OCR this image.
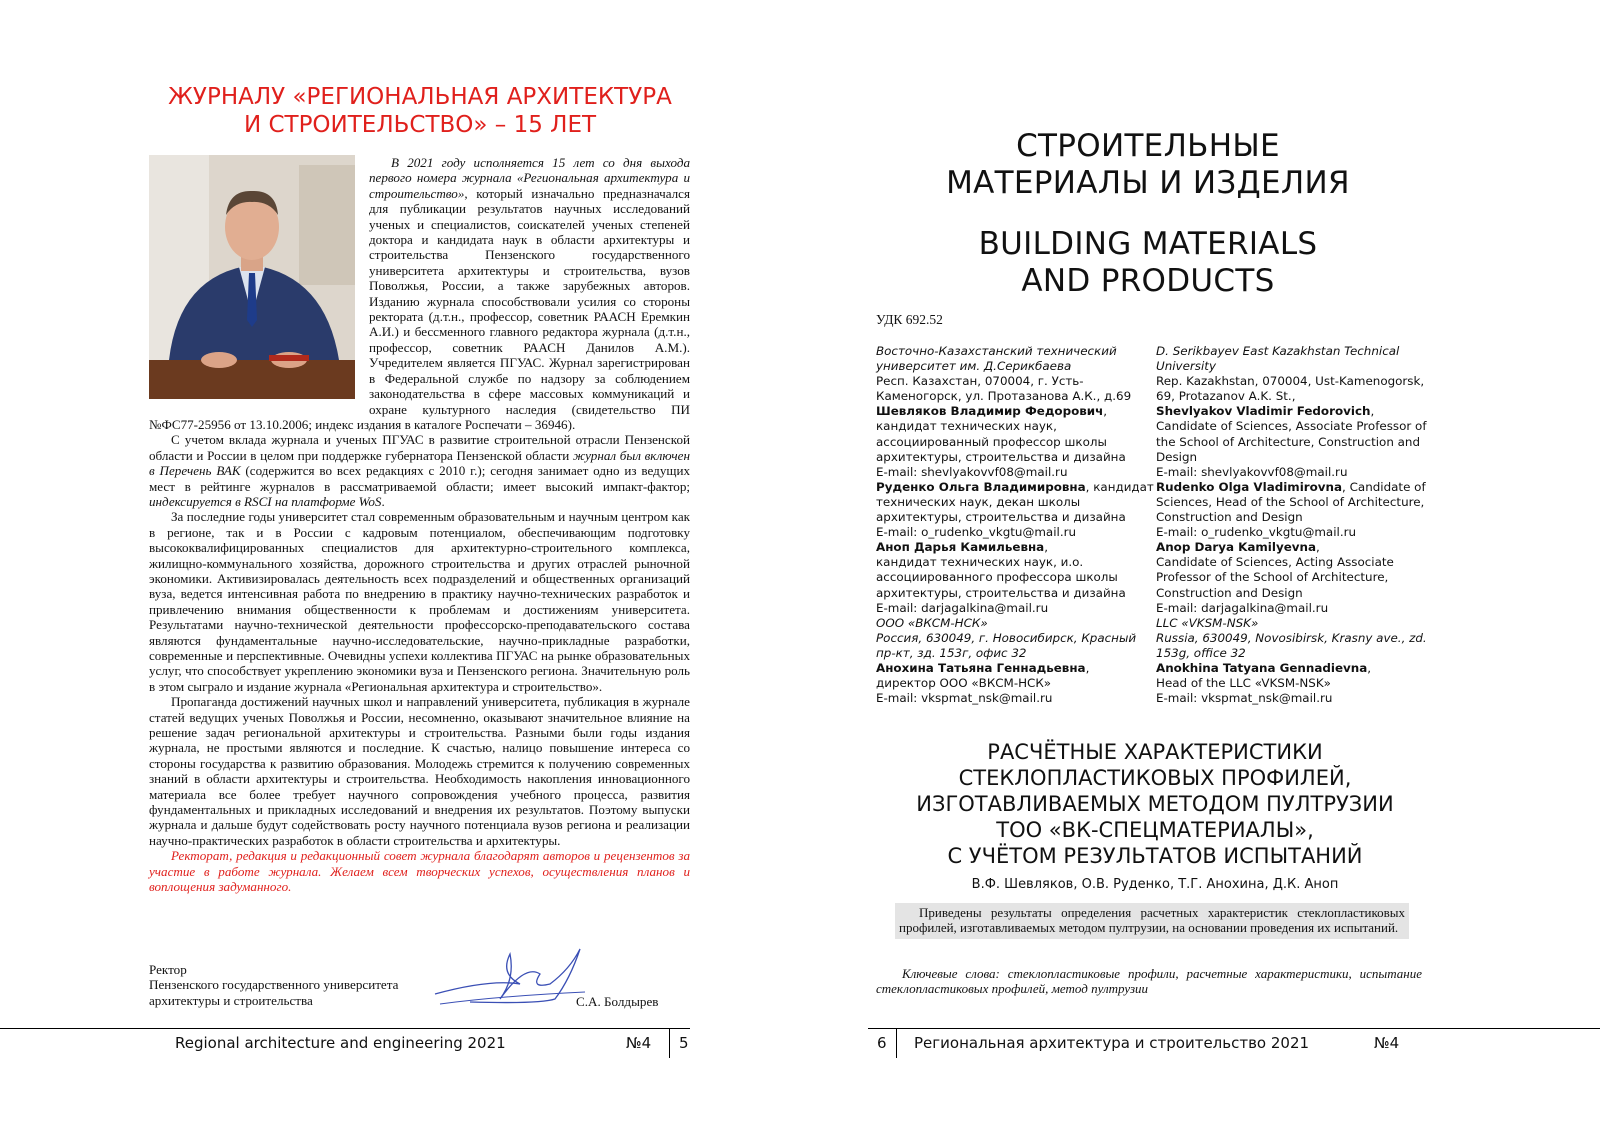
ЖУРНАЛУ «РЕГИОНАЛЬНАЯ АРХИТЕКТУРА
И СТРОИТЕЛЬСТВО» – 15 ЛЕТ

В 2021 году исполняется 15 лет со дня выхода первого номера журнала «Региональная архитектура и строительство», который изначально предназначался для публикации результатов научных исследований ученых и специалистов, соискателей ученых степеней доктора и кандидата наук в области архитектуры и строительства Пензенского государственного университета архитектуры и строительства, вузов Поволжья, России, а также зарубежных авторов. Изданию журнала способствовали усилия со стороны ректората (д.т.н., профессор, советник РААСН Еремкин А.И.) и бессменного главного редактора журнала (д.т.н., профессор, советник РААСН Данилов А.М.). Учредителем является ПГУАС. Журнал зарегистрирован в Федеральной службе по надзору за соблюдением законодательства в сфере массовых коммуникаций и охране культурного наследия (свидетельство ПИ №ФС77-25956 от 13.10.2006; индекс издания в каталоге Роспечати – 36946).

С учетом вклада журнала и ученых ПГУАС в развитие строительной отрасли Пензенской области и России в целом при поддержке губернатора Пензенской области журнал был включен в Перечень ВАК (содержится во всех редакциях с 2010 г.); сегодня занимает одно из ведущих мест в рейтинге журналов в рассматриваемой области; имеет высокий импакт-фактор; индексируется в RSCI на платформе WoS.

За последние годы университет стал современным образовательным и научным центром как в регионе, так и в России с кадровым потенциалом, обеспечивающим подготовку высококвалифицированных специалистов для архитектурно-строительного комплекса, жилищно-коммунального хозяйства, дорожного строительства и других отраслей рыночной экономики. Активизировалась деятельность всех подразделений и общественных организаций вуза, ведется интенсивная работа по внедрению в практику научно-технических разработок и привлечению внимания общественности к проблемам и достижениям университета. Результатами научно-технической деятельности профессорско-преподавательского состава являются фундаментальные научно-исследовательские, научно-прикладные разработки, современные и перспективные. Очевидны успехи коллектива ПГУАС на рынке образовательных услуг, что способствует укреплению экономики вуза и Пензенского региона. Значительную роль в этом сыграло и издание журнала «Региональная архитектура и строительство».

Пропаганда достижений научных школ и направлений университета, публикация в журнале статей ведущих ученых Поволжья и России, несомненно, оказывают значительное влияние на решение задач региональной архитектуры и строительства. Разными были годы издания журнала, не простыми являются и последние. К счастью, налицо повышение интереса со стороны государства к развитию образования. Молодежь стремится к получению современных знаний в области архитектуры и строительства. Необходимость накопления инновационного материала все более требует научного сопровождения учебного процесса, развития фундаментальных и прикладных исследований и внедрения их результатов. Поэтому выпуски журнала и дальше будут содействовать росту научного потенциала вузов региона и реализации научно-практических разработок в области строительства и архитектуры.

Ректорат, редакция и редакционный совет журнала благодарят авторов и рецензентов за участие в работе журнала. Желаем всем творческих успехов, осуществления планов и воплощения задуманного.

Ректор
Пензенского государственного университета
архитектуры и строительства	С.А. Болдырев
Regional architecture and engineering 2021	№4 5
СТРОИТЕЛЬНЫЕ
МАТЕРИАЛЫ И ИЗДЕЛИЯ
BUILDING MATERIALS
AND PRODUCTS
УДК 692.52

Восточно-Казахстанский технический университет им. Д.Серикбаева

Респ. Казахстан, 070004, г. Усть-Каменогорск, ул. Протазанова А.К., д.69

Шевляков Владимир Федорович,

кандидат технических наук, ассоциированный профессор школы архитектуры, строительства и дизайна

E-mail: shevlyakovvf08@mail.ru

Руденко Ольга Владимировна, кандидат технических наук, декан школы архитектуры, строительства и дизайна

E-mail: o_rudenko_vkgtu@mail.ru

Аноп Дарья Камильевна,

кандидат технических наук, и.о. ассоциированного профессора школы архитектуры, строительства и дизайна

E-mail: darjagalkina@mail.ru

ООО «ВКСМ-НСК»

Россия, 630049, г. Новосибирск, Красный пр-кт, зд. 153г, офис 32

Анохина Татьяна Геннадьевна,

директор ООО «ВКСМ-НСК»

E-mail: vkspmat_nsk@mail.ru

D. Serikbayev East Kazakhstan Technical University

Rep. Kazakhstan, 070004, Ust-Kamenogorsk, 69, Protazanov A.K. St.,

Shevlyakov Vladimir Fedorovich,

Candidate of Sciences, Associate Professor of the School of Architecture, Construction and Design

E-mail: shevlyakovvf08@mail.ru

Rudenko Olga Vladimirovna, Candidate of Sciences, Head of the School of Architecture, Construction and Design

E-mail: o_rudenko_vkgtu@mail.ru

Anop Darya Kamilyevna,

Candidate of Sciences, Acting Associate Professor of the School of Architecture, Construction and Design

E-mail: darjagalkina@mail.ru

LLC «VKSM-NSK»

Russia, 630049, Novosibirsk, Krasny ave., zd. 153g, office 32

Anokhina Tatyana Gennadievna,

Head of the LLC «VKSM-NSK»

E-mail: vkspmat_nsk@mail.ru

РАСЧЁТНЫЕ ХАРАКТЕРИСТИКИ
СТЕКЛОПЛАСТИКОВЫХ ПРОФИЛЕЙ,
ИЗГОТАВЛИВАЕМЫХ МЕТОДОМ ПУЛТРУЗИИ
ТОО «ВК-СПЕЦМАТЕРИАЛЫ»,
С УЧЁТОМ РЕЗУЛЬТАТОВ ИСПЫТАНИЙ
В.Ф. Шевляков, О.В. Руденко, Т.Г. Анохина, Д.К. Аноп
Приведены результаты определения расчетных характеристик стеклопластиковых профилей, изготавливаемых методом пултрузии, на основании проведения их испытаний.
Ключевые слова: стеклопластиковые профили, расчетные характеристики, испытание стеклопластиковых профилей, метод пултрузии
6 Региональная архитектура и строительство 2021	№4
